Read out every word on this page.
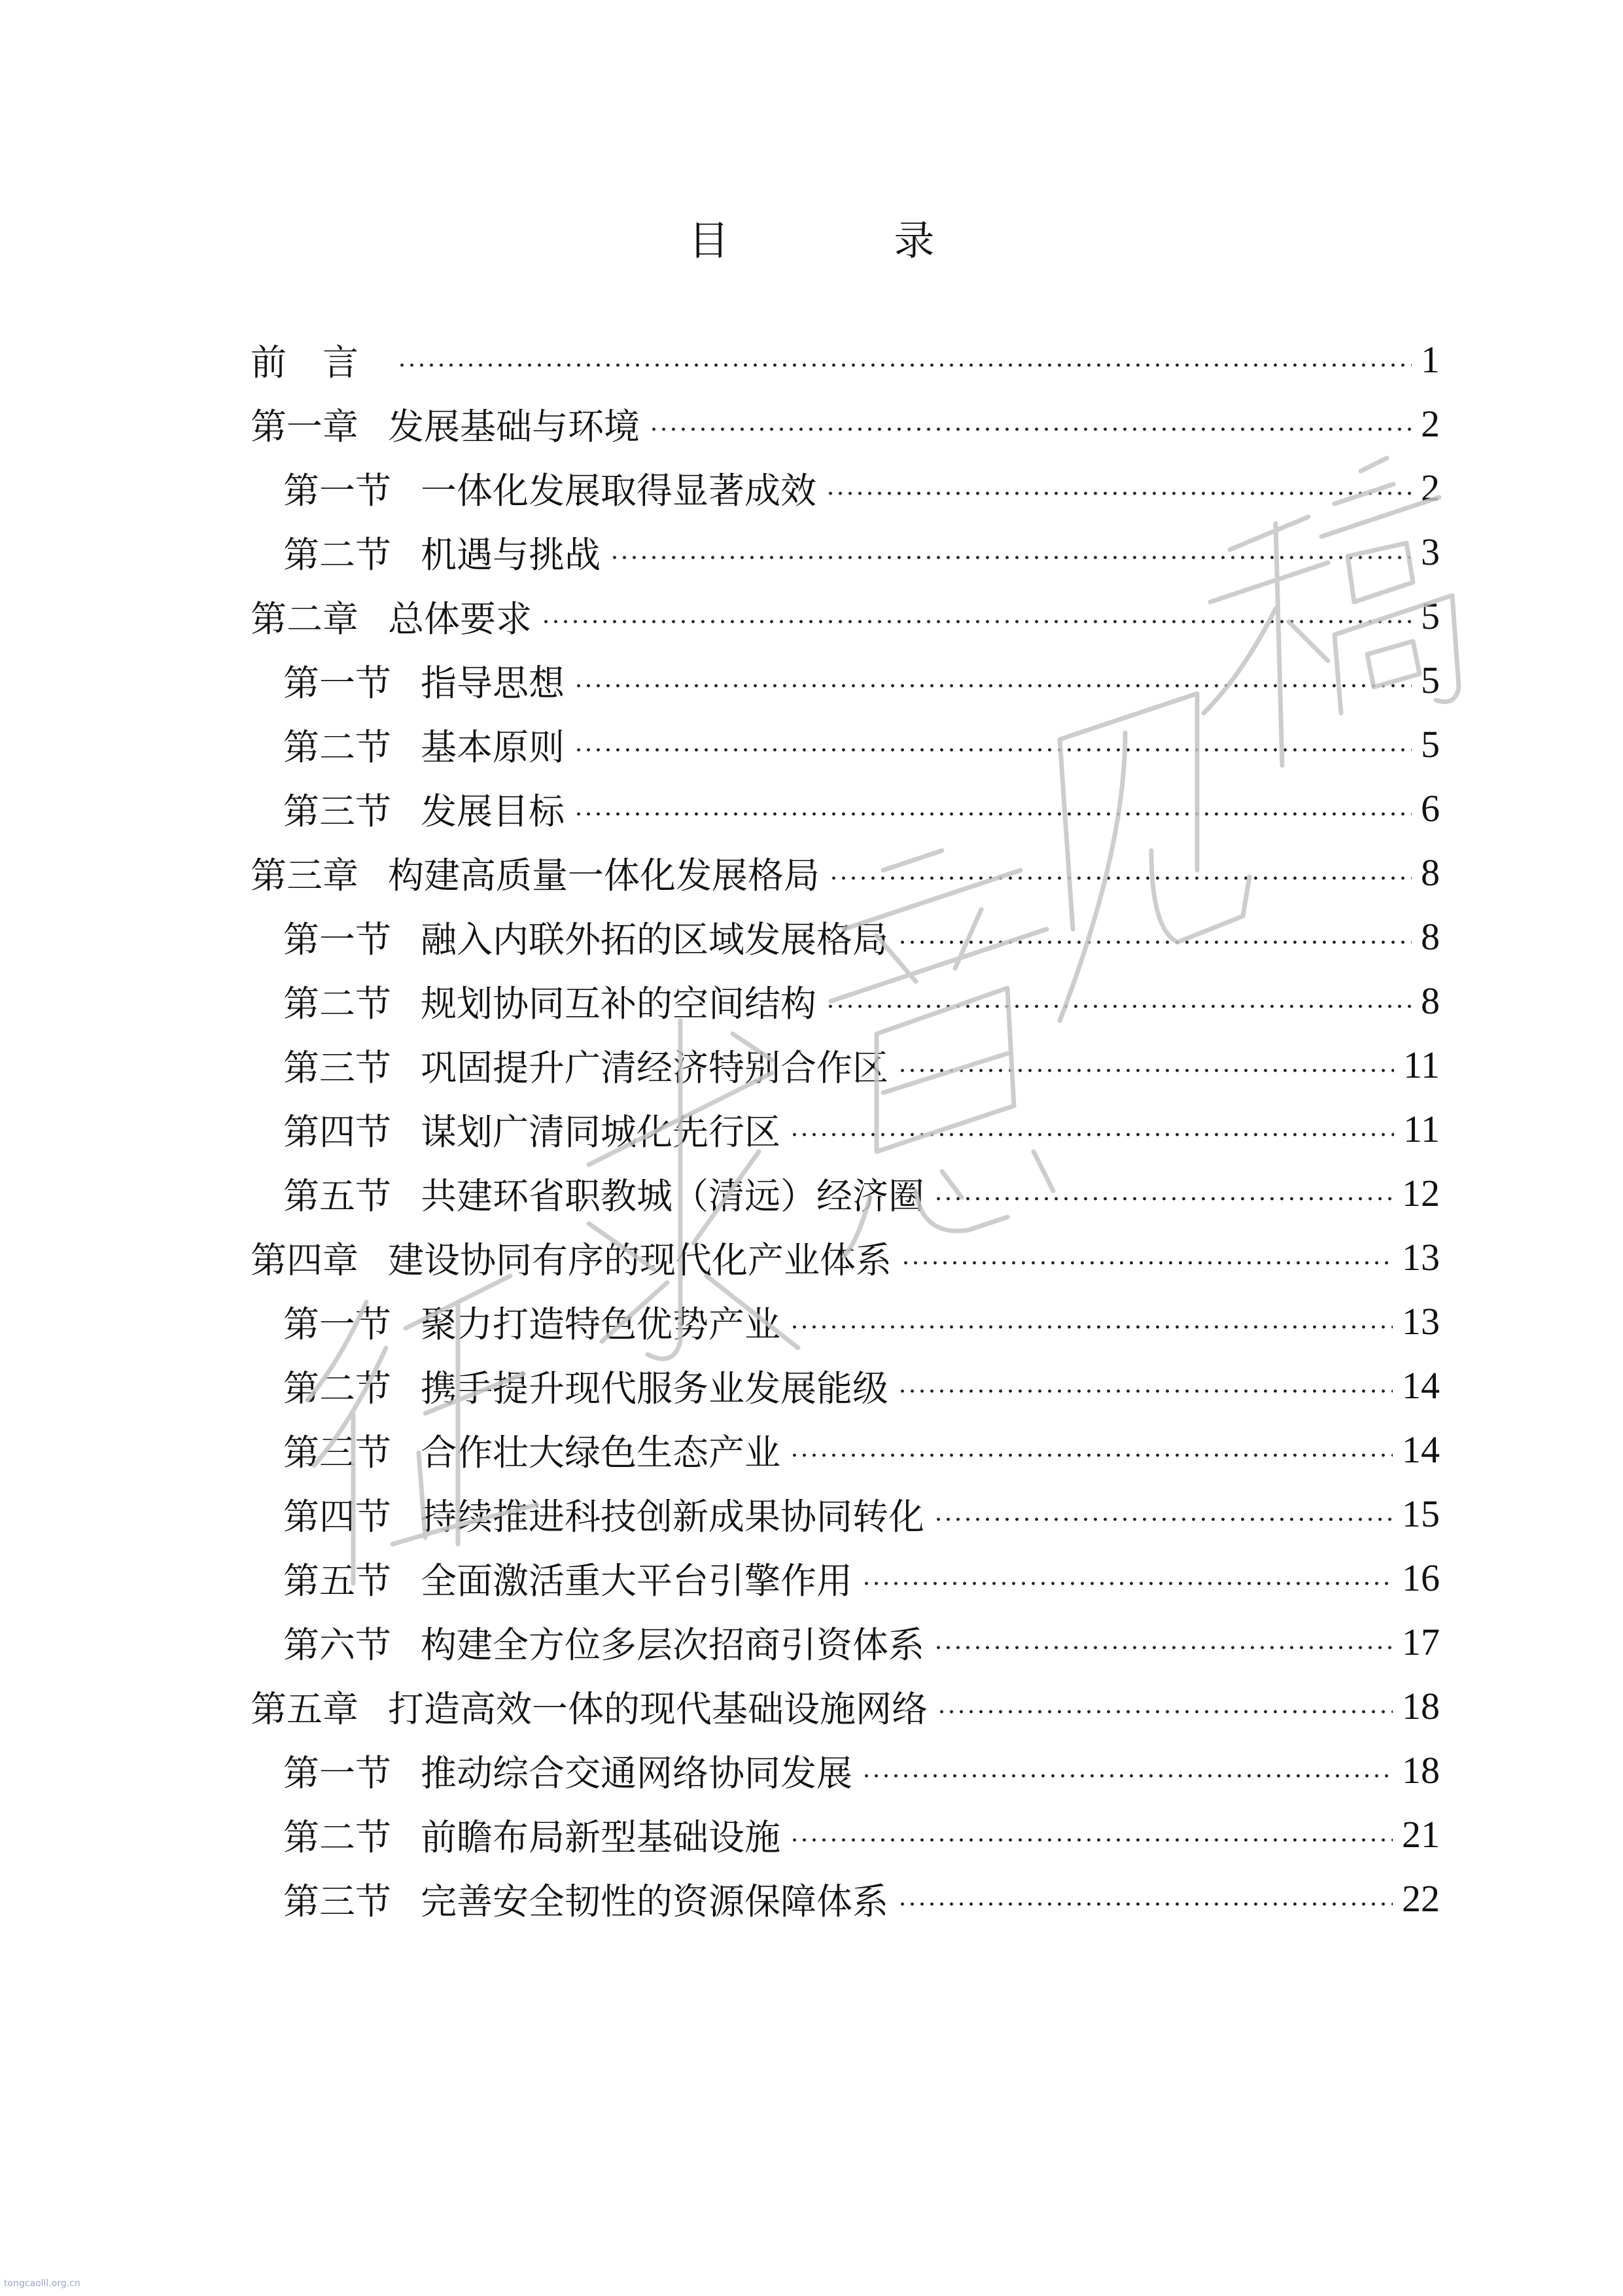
目　录
前　言	1
第一章 发展基础与环境	2
第一节 一体化发展取得显著成效	2
第二节 机遇与挑战	3
第二章 总体要求	5
第一节 指导思想	5
第二节 基本原则	5
第三节 发展目标	6
第三章 构建高质量一体化发展格局	8
第一节 融入内联外拓的区域发展格局	8
第二节 规划协同互补的空间结构	8
第三节 巩固提升广清经济特别合作区	11
第四节 谋划广清同城化先行区	11
第五节 共建环省职教城（清远）经济圈	12
第四章 建设协同有序的现代化产业体系	13
第一节 聚力打造特色优势产业	13
第二节 携手提升现代服务业发展能级	14
第三节 合作壮大绿色生态产业	14
第四节 持续推进科技创新成果协同转化	15
第五节 全面激活重大平台引擎作用	16
第六节 构建全方位多层次招商引资体系	17
第五章 打造高效一体的现代基础设施网络	18
第一节 推动综合交通网络协同发展	18
第二节 前瞻布局新型基础设施	21
第三节 完善安全韧性的资源保障体系	22
tongcaolll.org.cn
